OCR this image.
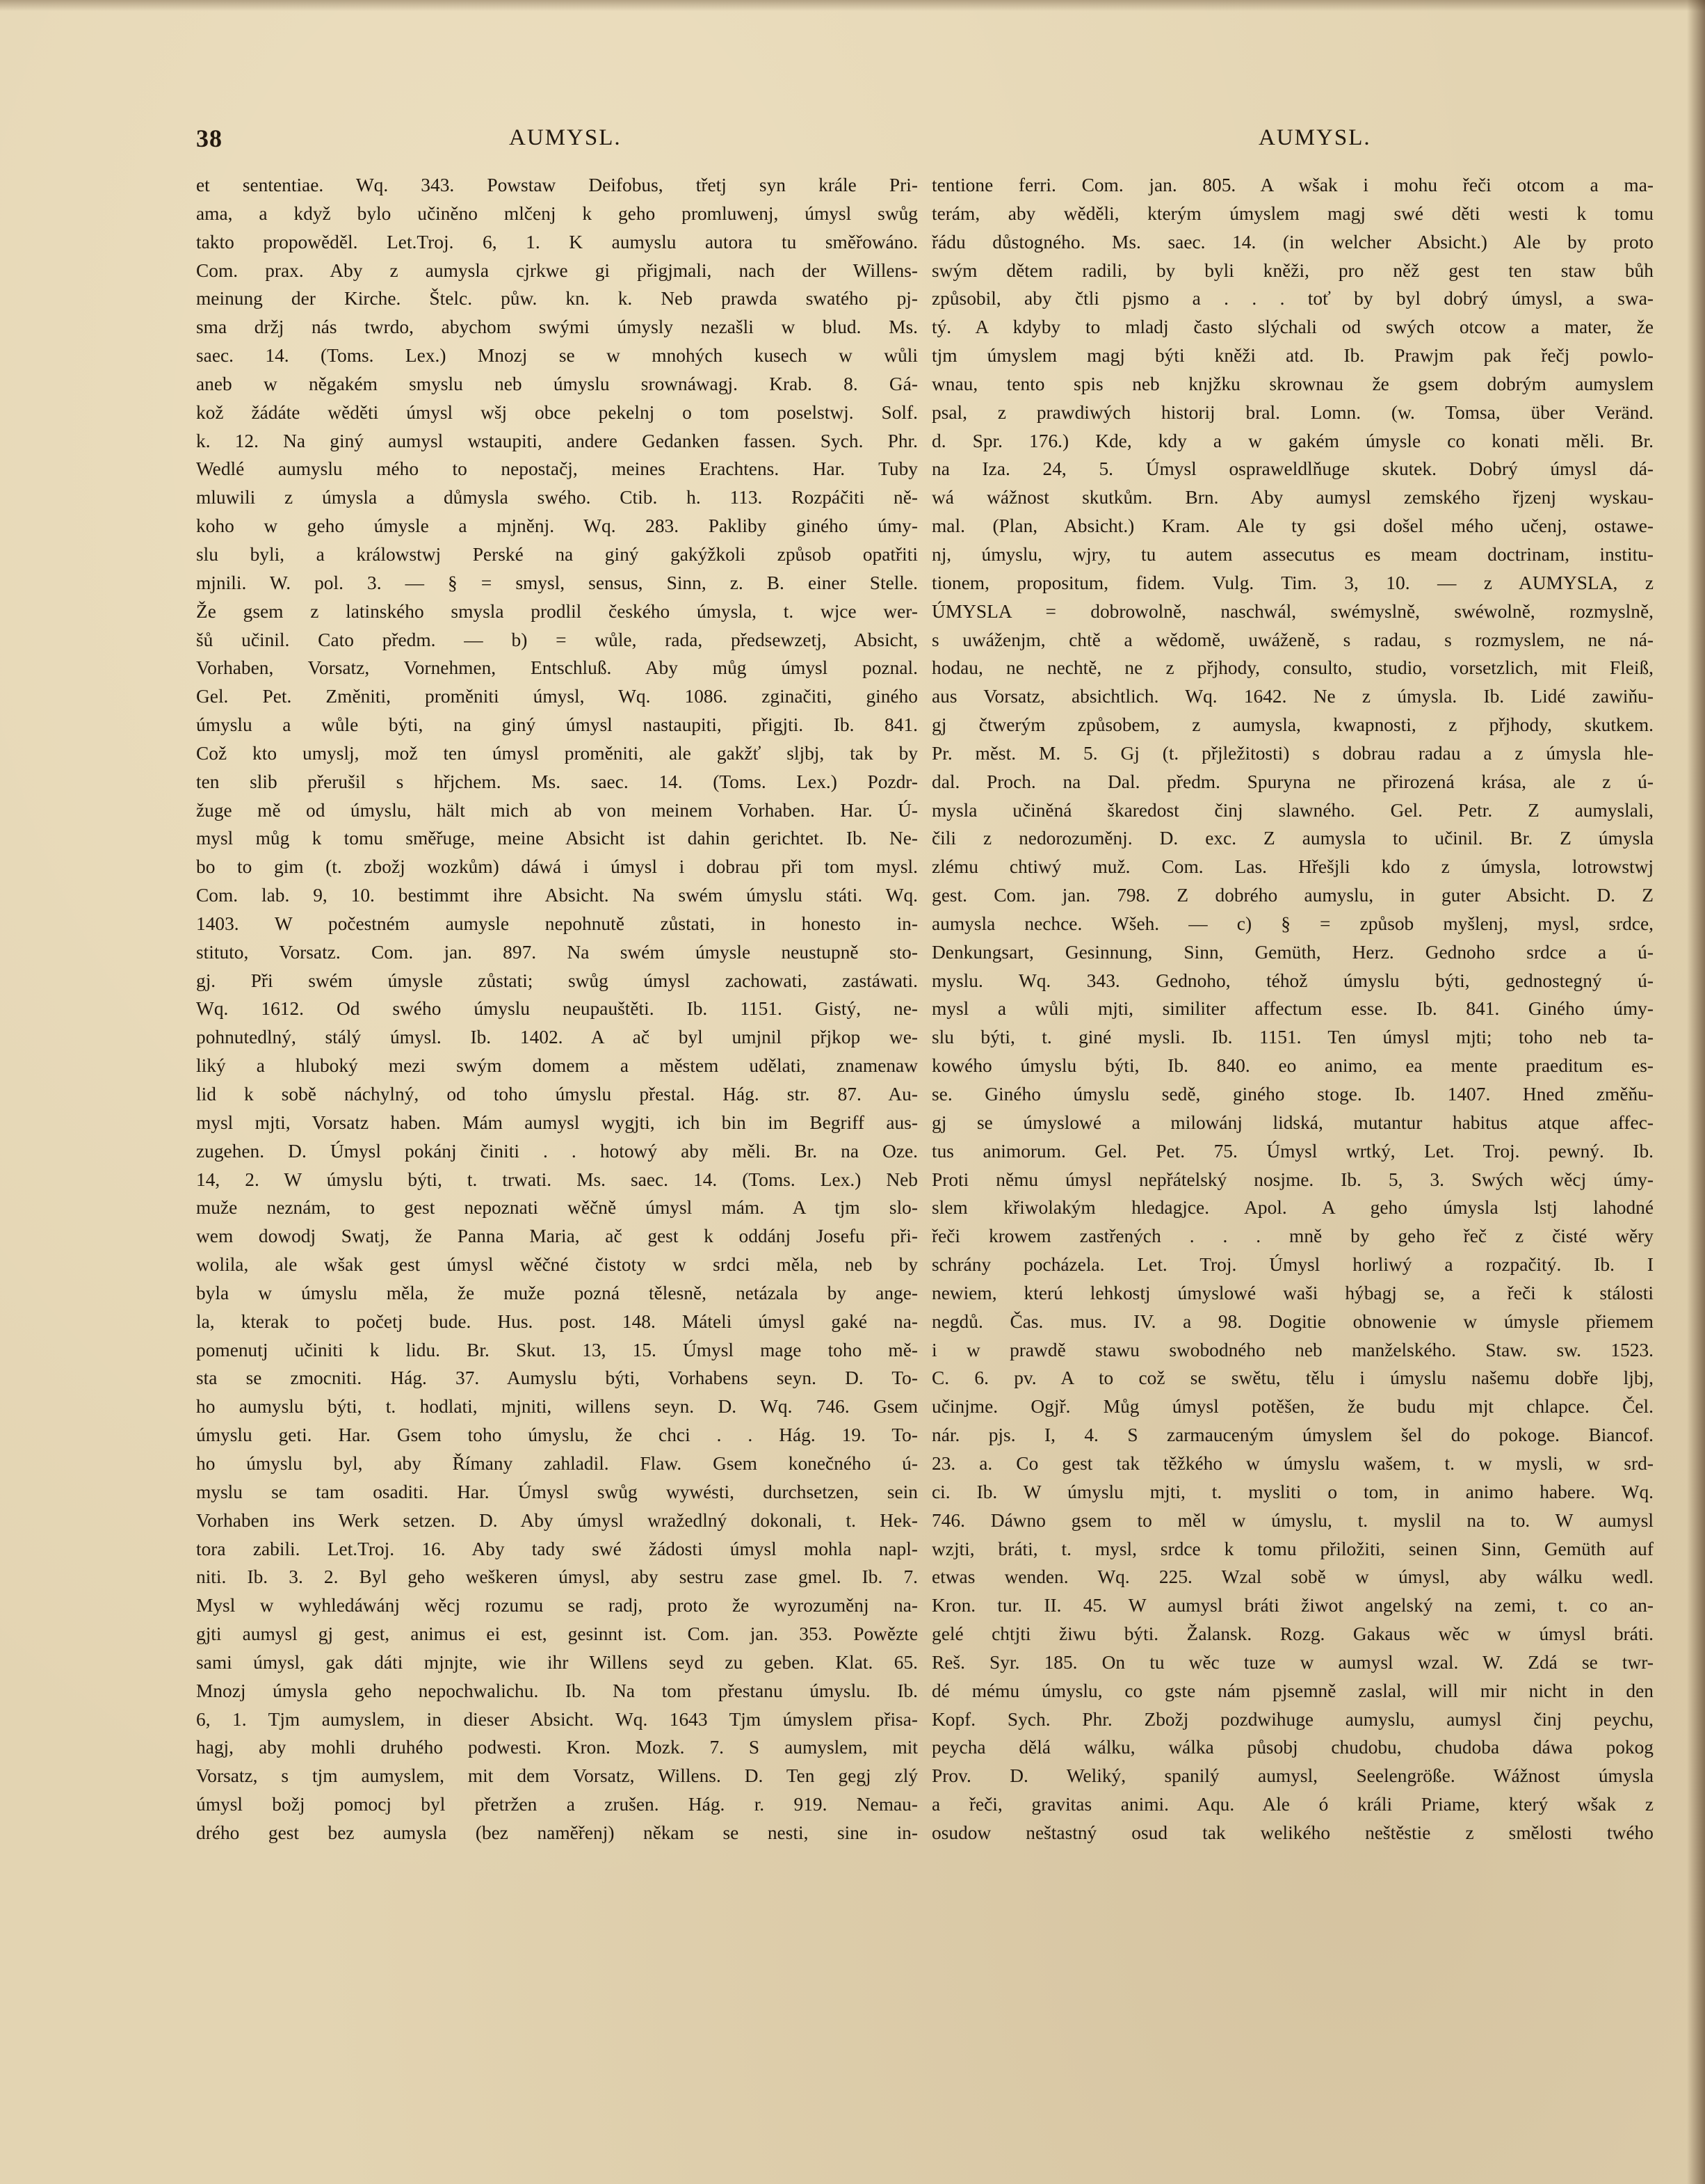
38	AUMYSL.	AUMYSL.
et sententiae. Wq. 343. Powstaw Deifobus, třetj syn krále Pri-
ama, a když bylo učiněno mlčenj k geho promluwenj, úmysl swůg
takto propowěděl. Let.Troj. 6, 1. K aumyslu autora tu směřowáno.
Com. prax. Aby z aumysla cjrkwe gi přigjmali, nach der Willens-
meinung der Kirche. Štelc. půw. kn. k. Neb prawda swatého pj-
sma držj nás twrdo, abychom swými úmysly nezašli w blud. Ms.
saec. 14. (Toms. Lex.) Mnozj se w mnohých kusech w wůli
aneb w něgakém smyslu neb úmyslu srownáwagj. Krab. 8. Gá-
kož žádáte wěděti úmysl wšj obce pekelnj o tom poselstwj. Solf.
k. 12. Na giný aumysl wstaupiti, andere Gedanken fassen. Sych. Phr.
Wedlé aumyslu mého to nepostačj, meines Erachtens. Har. Tuby
mluwili z úmysla a důmysla swého. Ctib. h. 113. Rozpáčiti ně-
koho w geho úmysle a mjněnj. Wq. 283. Pakliby giného úmy-
slu byli, a králowstwj Perské na giný gakýžkoli způsob opatřiti
mjnili. W. pol. 3. — § = smysl, sensus, Sinn, z. B. einer Stelle.
Že gsem z latinského smysla prodlil českého úmysla, t. wjce wer-
šů učinil. Cato předm. — b) = wůle, rada, předsewzetj, Absicht,
Vorhaben, Vorsatz, Vornehmen, Entschluß. Aby můg úmysl poznal.
Gel. Pet. Změniti, proměniti úmysl, Wq. 1086. zginačiti, giného
úmyslu a wůle býti, na giný úmysl nastaupiti, přigjti. Ib. 841.
Což kto umyslj, mož ten úmysl proměniti, ale gakžť sljbj, tak by
ten slib přerušil s hřjchem. Ms. saec. 14. (Toms. Lex.) Pozdr-
žuge mě od úmyslu, hält mich ab von meinem Vorhaben. Har. Ú-
mysl můg k tomu směřuge, meine Absicht ist dahin gerichtet. Ib. Ne-
bo to gim (t. zbožj wozkům) dáwá i úmysl i dobrau při tom mysl.
Com. lab. 9, 10. bestimmt ihre Absicht. Na swém úmyslu státi. Wq.
1403. W počestném aumysle nepohnutě zůstati, in honesto in-
stituto, Vorsatz. Com. jan. 897. Na swém úmysle neustupně sto-
gj. Při swém úmysle zůstati; swůg úmysl zachowati, zastáwati.
Wq. 1612. Od swého úmyslu neupauštěti. Ib. 1151. Gistý, ne-
pohnutedlný, stálý úmysl. Ib. 1402. A ač byl umjnil přjkop we-
liký a hluboký mezi swým domem a městem udělati, znamenaw
lid k sobě náchylný, od toho úmyslu přestal. Hág. str. 87. Au-
mysl mjti, Vorsatz haben. Mám aumysl wygjti, ich bin im Begriff aus-
zugehen. D. Úmysl pokánj činiti . . hotowý aby měli. Br. na Oze.
14, 2. W úmyslu býti, t. trwati. Ms. saec. 14. (Toms. Lex.) Neb
muže neznám, to gest nepoznati wěčně úmysl mám. A tjm slo-
wem dowodj Swatj, že Panna Maria, ač gest k oddánj Josefu při-
wolila, ale wšak gest úmysl wěčné čistoty w srdci měla, neb by
byla w úmyslu měla, že muže pozná tělesně, netázala by ange-
la, kterak to početj bude. Hus. post. 148. Máteli úmysl gaké na-
pomenutj učiniti k lidu. Br. Skut. 13, 15. Úmysl mage toho mě-
sta se zmocniti. Hág. 37. Aumyslu býti, Vorhabens seyn. D. To-
ho aumyslu býti, t. hodlati, mjniti, willens seyn. D. Wq. 746. Gsem
úmyslu geti. Har. Gsem toho úmyslu, že chci . . Hág. 19. To-
ho úmyslu byl, aby Římany zahladil. Flaw. Gsem konečného ú-
myslu se tam osaditi. Har. Úmysl swůg wywésti, durchsetzen, sein
Vorhaben ins Werk setzen. D. Aby úmysl wražedlný dokonali, t. Hek-
tora zabili. Let.Troj. 16. Aby tady swé žádosti úmysl mohla napl-
niti. Ib. 3. 2. Byl geho weškeren úmysl, aby sestru zase gmel. Ib. 7.
Mysl w wyhledáwánj wěcj rozumu se radj, proto že wyrozuměnj na-
gjti aumysl gj gest, animus ei est, gesinnt ist. Com. jan. 353. Powězte
sami úmysl, gak dáti mjnjte, wie ihr Willens seyd zu geben. Klat. 65.
Mnozj úmysla geho nepochwalichu. Ib. Na tom přestanu úmyslu. Ib.
6, 1. Tjm aumyslem, in dieser Absicht. Wq. 1643 Tjm úmyslem přisa-
hagj, aby mohli druhého podwesti. Kron. Mozk. 7. S aumyslem, mit
Vorsatz, s tjm aumyslem, mit dem Vorsatz, Willens. D. Ten gegj zlý
úmysl božj pomocj byl přetržen a zrušen. Hág. r. 919. Nemau-
drého gest bez aumysla (bez naměřenj) někam se nesti, sine in-
tentione ferri. Com. jan. 805. A wšak i mohu řeči otcom a ma-
terám, aby wěděli, kterým úmyslem magj swé děti westi k tomu
řádu důstogného. Ms. saec. 14. (in welcher Absicht.) Ale by proto
swým dětem radili, by byli kněži, pro něž gest ten staw bůh
způsobil, aby čtli pjsmo a . . . toť by byl dobrý úmysl, a swa-
tý. A kdyby to mladj často slýchali od swých otcow a mater, že
tjm úmyslem magj býti kněži atd. Ib. Prawjm pak řečj powlo-
wnau, tento spis neb knjžku skrownau že gsem dobrým aumyslem
psal, z prawdiwých historij bral. Lomn. (w. Tomsa, über Veränd.
d. Spr. 176.) Kde, kdy a w gakém úmysle co konati měli. Br.
na Iza. 24, 5. Úmysl ospraweldlňuge skutek. Dobrý úmysl dá-
wá wážnost skutkům. Brn. Aby aumysl zemského řjzenj wyskau-
mal. (Plan, Absicht.) Kram. Ale ty gsi došel mého učenj, ostawe-
nj, úmyslu, wjry, tu autem assecutus es meam doctrinam, institu-
tionem, propositum, fidem. Vulg. Tim. 3, 10. — z AUMYSLA, z
ÚMYSLA = dobrowolně, naschwál, swémyslně, swéwolně, rozmyslně,
s uwáženjm, chtě a wědomě, uwáženě, s radau, s rozmyslem, ne ná-
hodau, ne nechtě, ne z přjhody, consulto, studio, vorsetzlich, mit Fleiß,
aus Vorsatz, absichtlich. Wq. 1642. Ne z úmysla. Ib. Lidé zawiňu-
gj čtwerým způsobem, z aumysla, kwapnosti, z přjhody, skutkem.
Pr. měst. M. 5. Gj (t. přjležitosti) s dobrau radau a z úmysla hle-
dal. Proch. na Dal. předm. Spuryna ne přirozená krása, ale z ú-
mysla učiněná škaredost činj slawného. Gel. Petr. Z aumyslali,
čili z nedorozuměnj. D. exc. Z aumysla to učinil. Br. Z úmysla
zlému chtiwý muž. Com. Las. Hřešjli kdo z úmysla, lotrowstwj
gest. Com. jan. 798. Z dobrého aumyslu, in guter Absicht. D. Z
aumysla nechce. Wšeh. — c) § = způsob myšlenj, mysl, srdce,
Denkungsart, Gesinnung, Sinn, Gemüth, Herz. Gednoho srdce a ú-
myslu. Wq. 343. Gednoho, téhož úmyslu býti, gednostegný ú-
mysl a wůli mjti, similiter affectum esse. Ib. 841. Giného úmy-
slu býti, t. giné mysli. Ib. 1151. Ten úmysl mjti; toho neb ta-
kowého úmyslu býti, Ib. 840. eo animo, ea mente praeditum es-
se. Giného úmyslu sedě, giného stoge. Ib. 1407. Hned změňu-
gj se úmyslowé a milowánj lidská, mutantur habitus atque affec-
tus animorum. Gel. Pet. 75. Úmysl wrtký, Let. Troj. pewný. Ib.
Proti němu úmysl nepřátelský nosjme. Ib. 5, 3. Swých wěcj úmy-
slem křiwolakým hledagjce. Apol. A geho úmysla lstj lahodné
řeči krowem zastřených . . . mně by geho řeč z čisté wěry
schrány pocházela. Let. Troj. Úmysl horliwý a rozpačitý. Ib. I
newiem, kterú lehkostj úmyslowé waši hýbagj se, a řeči k stálosti
negdů. Čas. mus. IV. a 98. Dogitie obnowenie w úmysle přiemem
i w prawdě stawu swobodného neb manželského. Staw. sw. 1523.
C. 6. pv. A to což se swětu, tělu i úmyslu našemu dobře ljbj,
učinjme. Ogjř. Můg úmysl potěšen, že budu mjt chlapce. Čel.
nár. pjs. I, 4. S zarmauceným úmyslem šel do pokoge. Biancof.
23. a. Co gest tak těžkého w úmyslu wašem, t. w mysli, w srd-
ci. Ib. W úmyslu mjti, t. mysliti o tom, in animo habere. Wq.
746. Dáwno gsem to měl w úmyslu, t. myslil na to. W aumysl
wzjti, bráti, t. mysl, srdce k tomu přiložiti, seinen Sinn, Gemüth auf
etwas wenden. Wq. 225. Wzal sobě w úmysl, aby wálku wedl.
Kron. tur. II. 45. W aumysl bráti žiwot angelský na zemi, t. co an-
gelé chtjti žiwu býti. Žalansk. Rozg. Gakaus wěc w úmysl bráti.
Reš. Syr. 185. On tu wěc tuze w aumysl wzal. W. Zdá se twr-
dé mému úmyslu, co gste nám pjsemně zaslal, will mir nicht in den
Kopf. Sych. Phr. Zbožj pozdwihuge aumyslu, aumysl činj peychu,
peycha dělá wálku, wálka působj chudobu, chudoba dáwa pokog
Prov. D. Weliký, spanilý aumysl, Seelengröße. Wážnost úmysla
a řeči, gravitas animi. Aqu. Ale ó králi Priame, který wšak z
osudow neštastný osud tak welikého neštěstie z smělosti twého
